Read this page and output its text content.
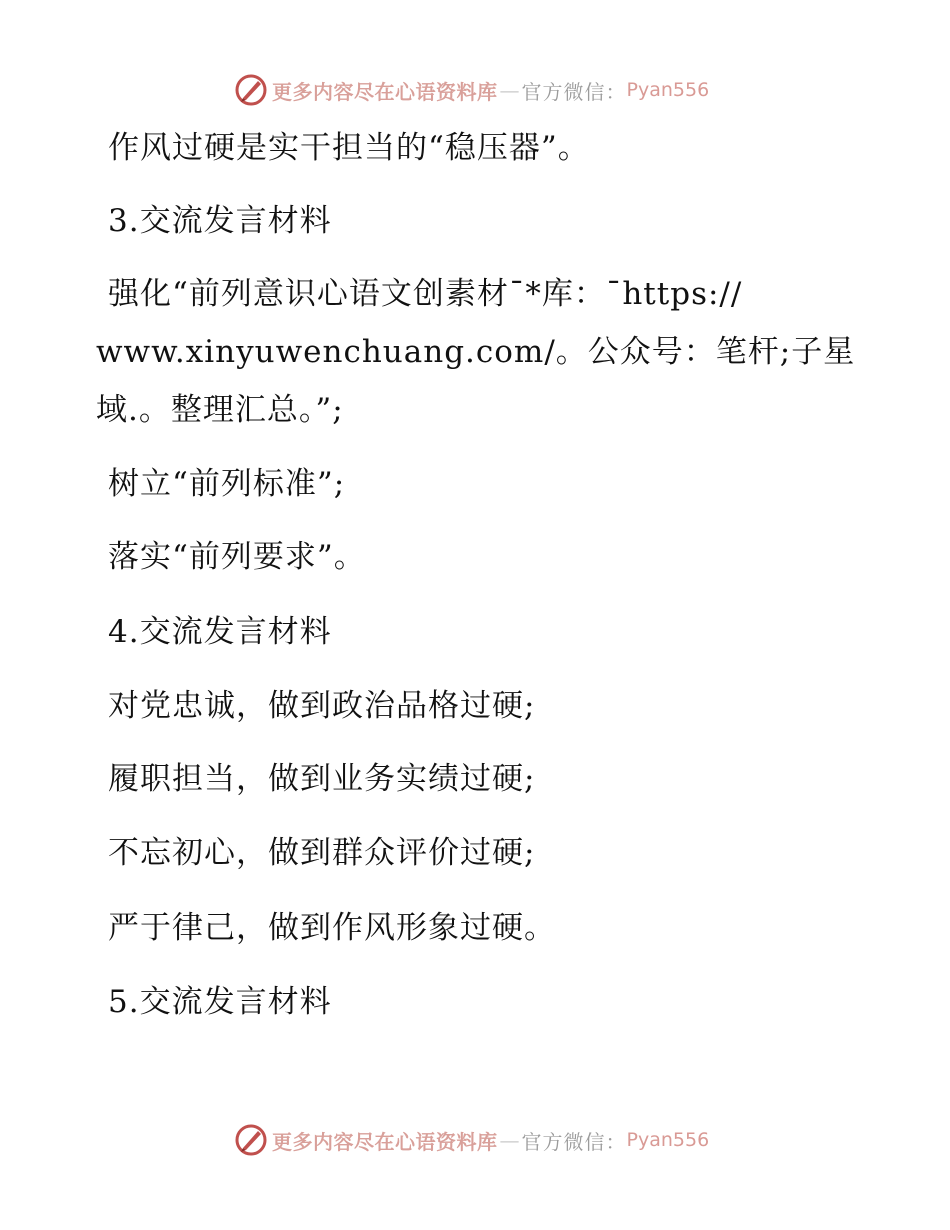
更多内容尽在心语资料库 — 官方微信： Pyan556
作风过硬是实干担当的“稳压器”。
3.交流发言材料
强化“前列意识心语文创素材¯*库：¯https://
www.xinyuwenchuang.com/。公众号：笔杆;子星
域.。整理汇总。”;
树立“前列标准”;
落实“前列要求”。
4.交流发言材料
对党忠诚，做到政治品格过硬;
履职担当，做到业务实绩过硬;
不忘初心，做到群众评价过硬;
严于律己，做到作风形象过硬。
5.交流发言材料
更多内容尽在心语资料库 — 官方微信： Pyan556
